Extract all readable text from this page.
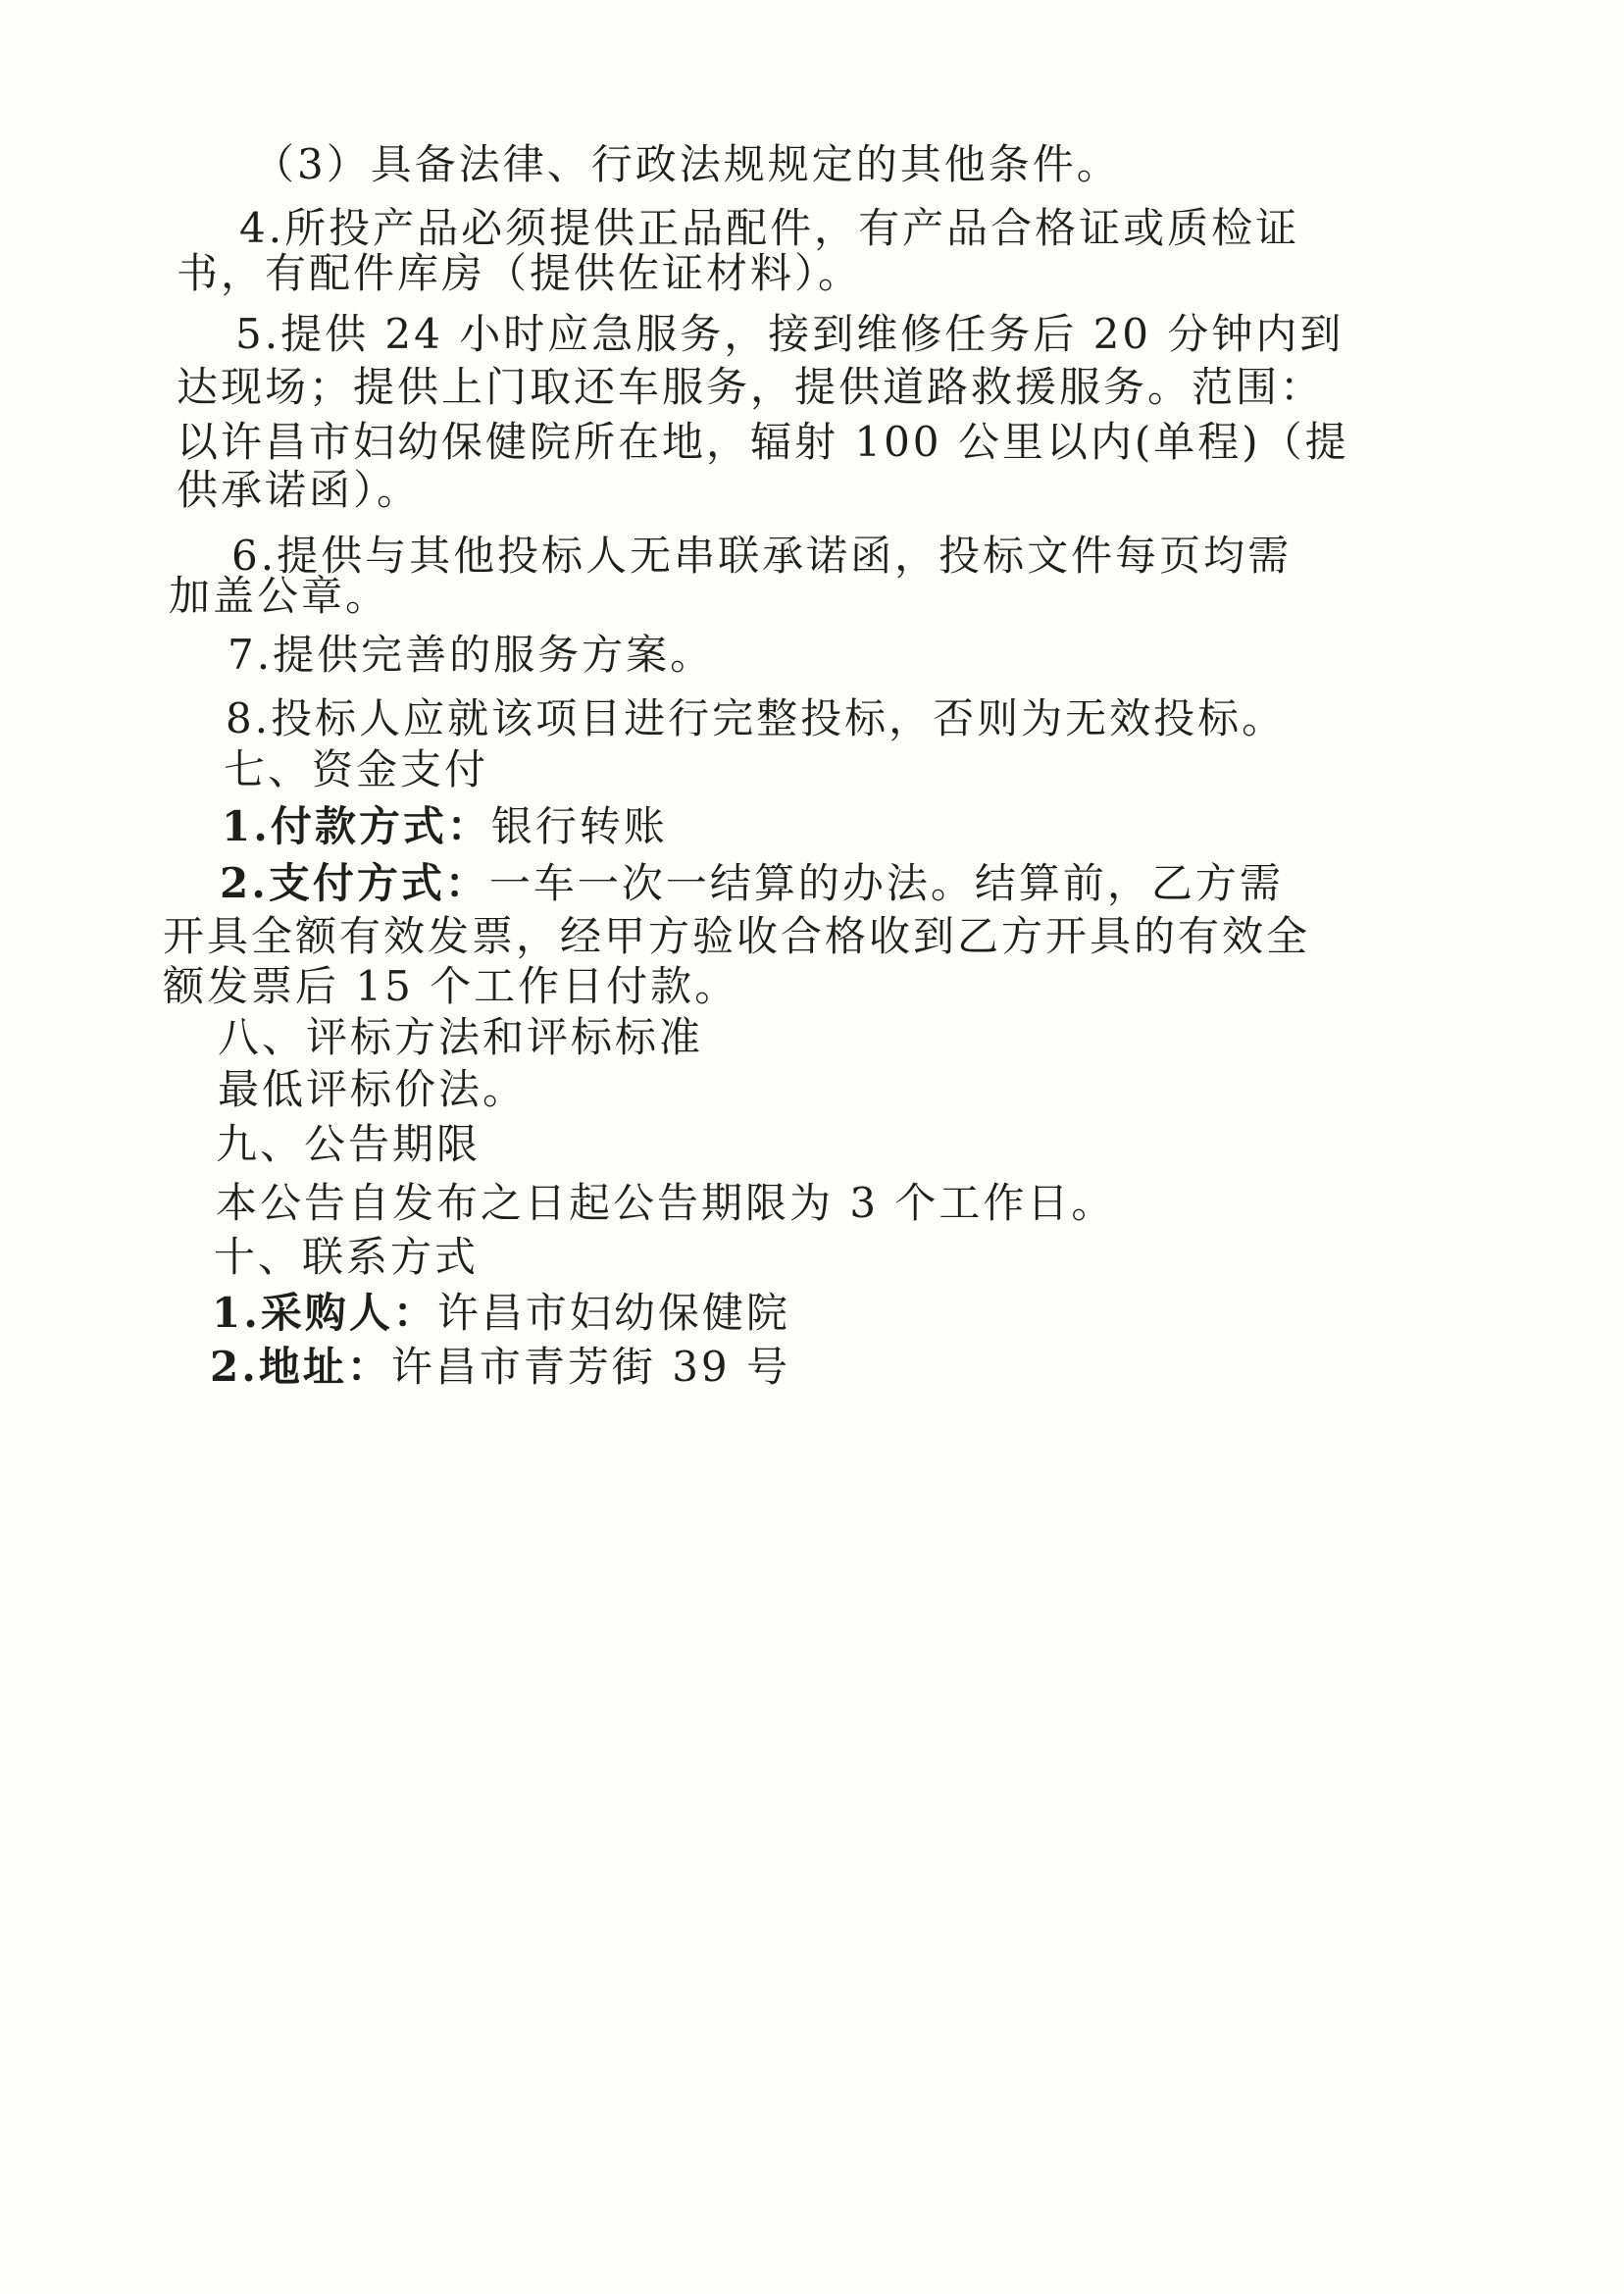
（3）具备法律、行政法规规定的其他条件。
4.所投产品必须提供正品配件，有产品合格证或质检证
书，有配件库房（提供佐证材料）。
5.提供 24 小时应急服务，接到维修任务后 20 分钟内到
达现场；提供上门取还车服务，提供道路救援服务。范围：
以许昌市妇幼保健院所在地，辐射 100 公里以内(单程)（提
供承诺函）。
6.提供与其他投标人无串联承诺函，投标文件每页均需
加盖公章。
7.提供完善的服务方案。
8.投标人应就该项目进行完整投标，否则为无效投标。
七、资金支付
1.付款方式：银行转账
2.支付方式：一车一次一结算的办法。结算前，乙方需
开具全额有效发票，经甲方验收合格收到乙方开具的有效全
额发票后 15 个工作日付款。
八、评标方法和评标标准
最低评标价法。
九、公告期限
本公告自发布之日起公告期限为 3 个工作日。
十、联系方式
1.采购人：许昌市妇幼保健院
2.地址：许昌市青芳街 39 号
